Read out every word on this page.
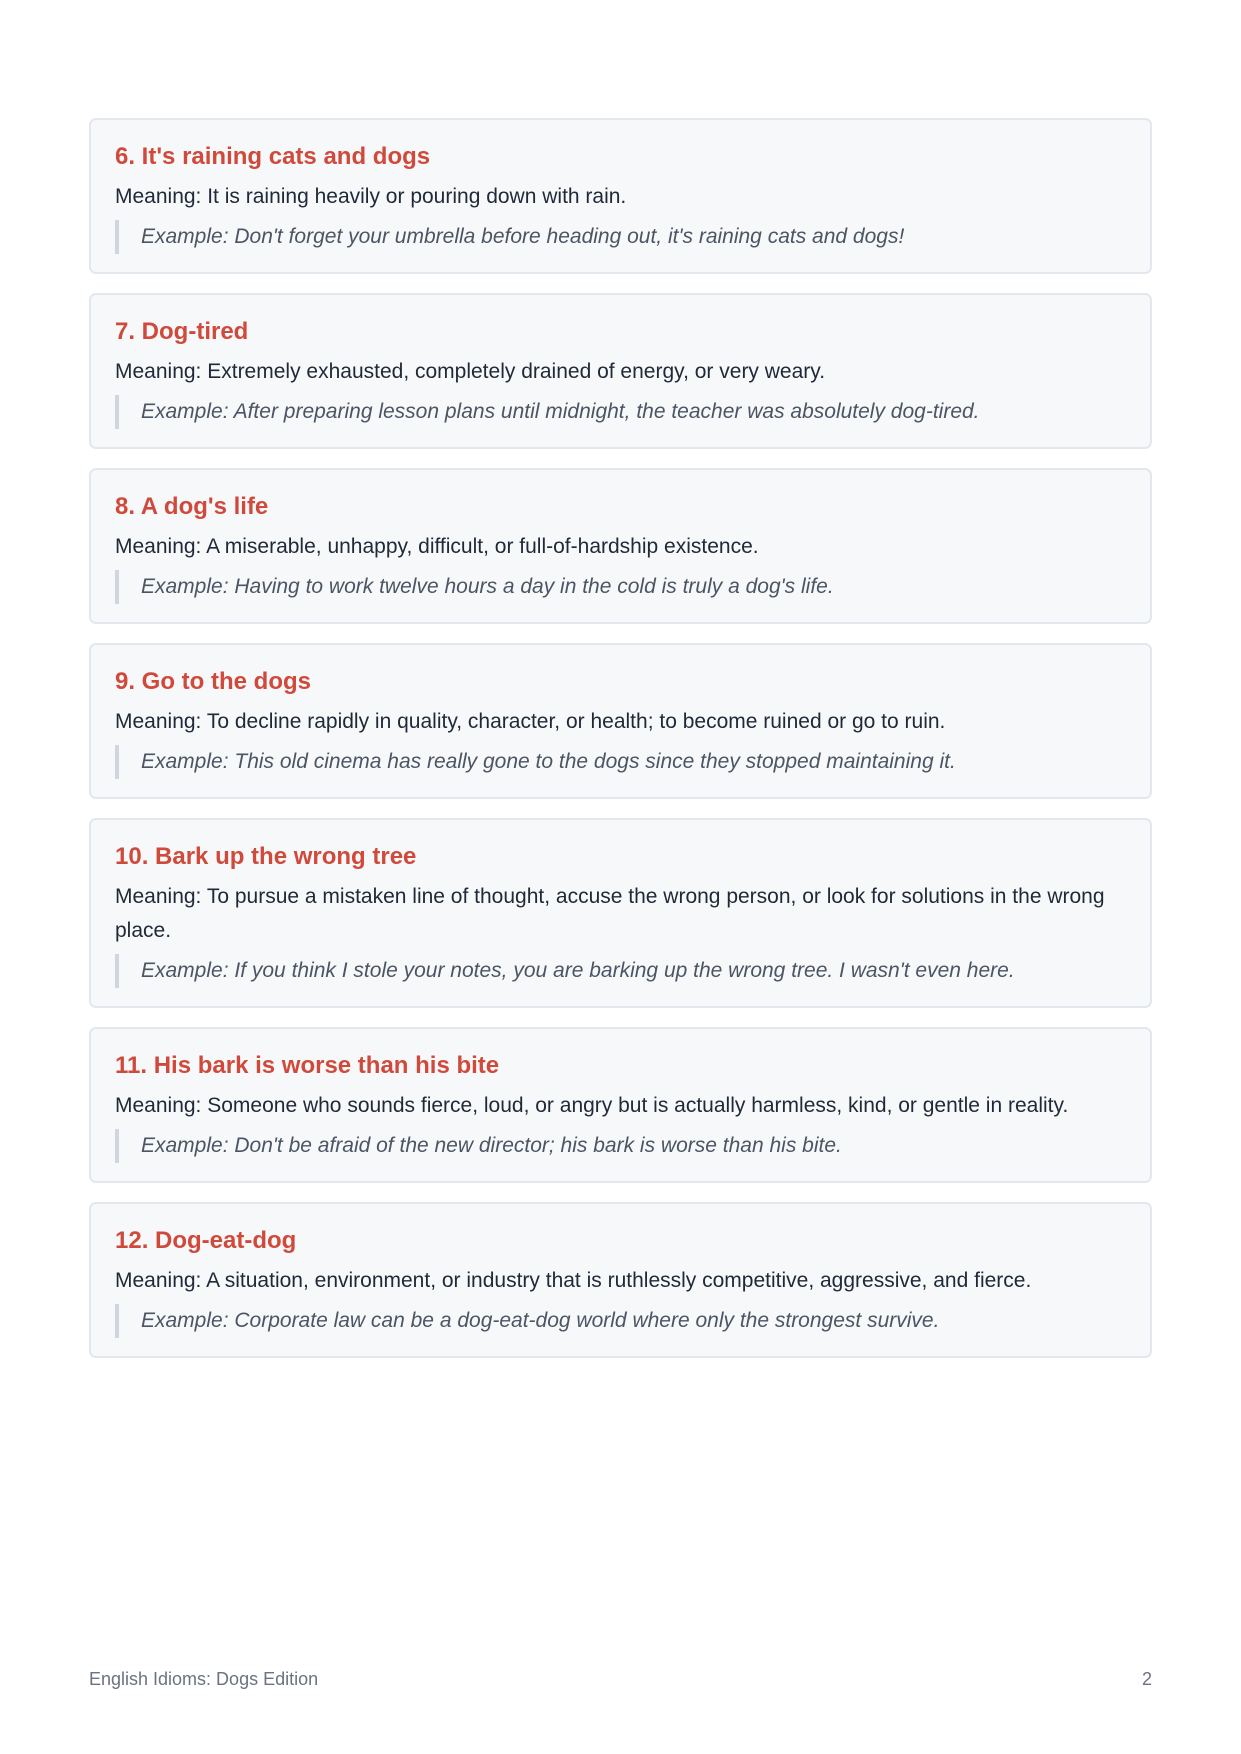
6. It's raining cats and dogs
Meaning: It is raining heavily or pouring down with rain.
Example: Don't forget your umbrella before heading out, it's raining cats and dogs!
7. Dog-tired
Meaning: Extremely exhausted, completely drained of energy, or very weary.
Example: After preparing lesson plans until midnight, the teacher was absolutely dog-tired.
8. A dog's life
Meaning: A miserable, unhappy, difficult, or full-of-hardship existence.
Example: Having to work twelve hours a day in the cold is truly a dog's life.
9. Go to the dogs
Meaning: To decline rapidly in quality, character, or health; to become ruined or go to ruin.
Example: This old cinema has really gone to the dogs since they stopped maintaining it.
10. Bark up the wrong tree
Meaning: To pursue a mistaken line of thought, accuse the wrong person, or look for solutions in the wrong place.
Example: If you think I stole your notes, you are barking up the wrong tree. I wasn't even here.
11. His bark is worse than his bite
Meaning: Someone who sounds fierce, loud, or angry but is actually harmless, kind, or gentle in reality.
Example: Don't be afraid of the new director; his bark is worse than his bite.
12. Dog-eat-dog
Meaning: A situation, environment, or industry that is ruthlessly competitive, aggressive, and fierce.
Example: Corporate law can be a dog-eat-dog world where only the strongest survive.
English Idioms: Dogs Edition	2
